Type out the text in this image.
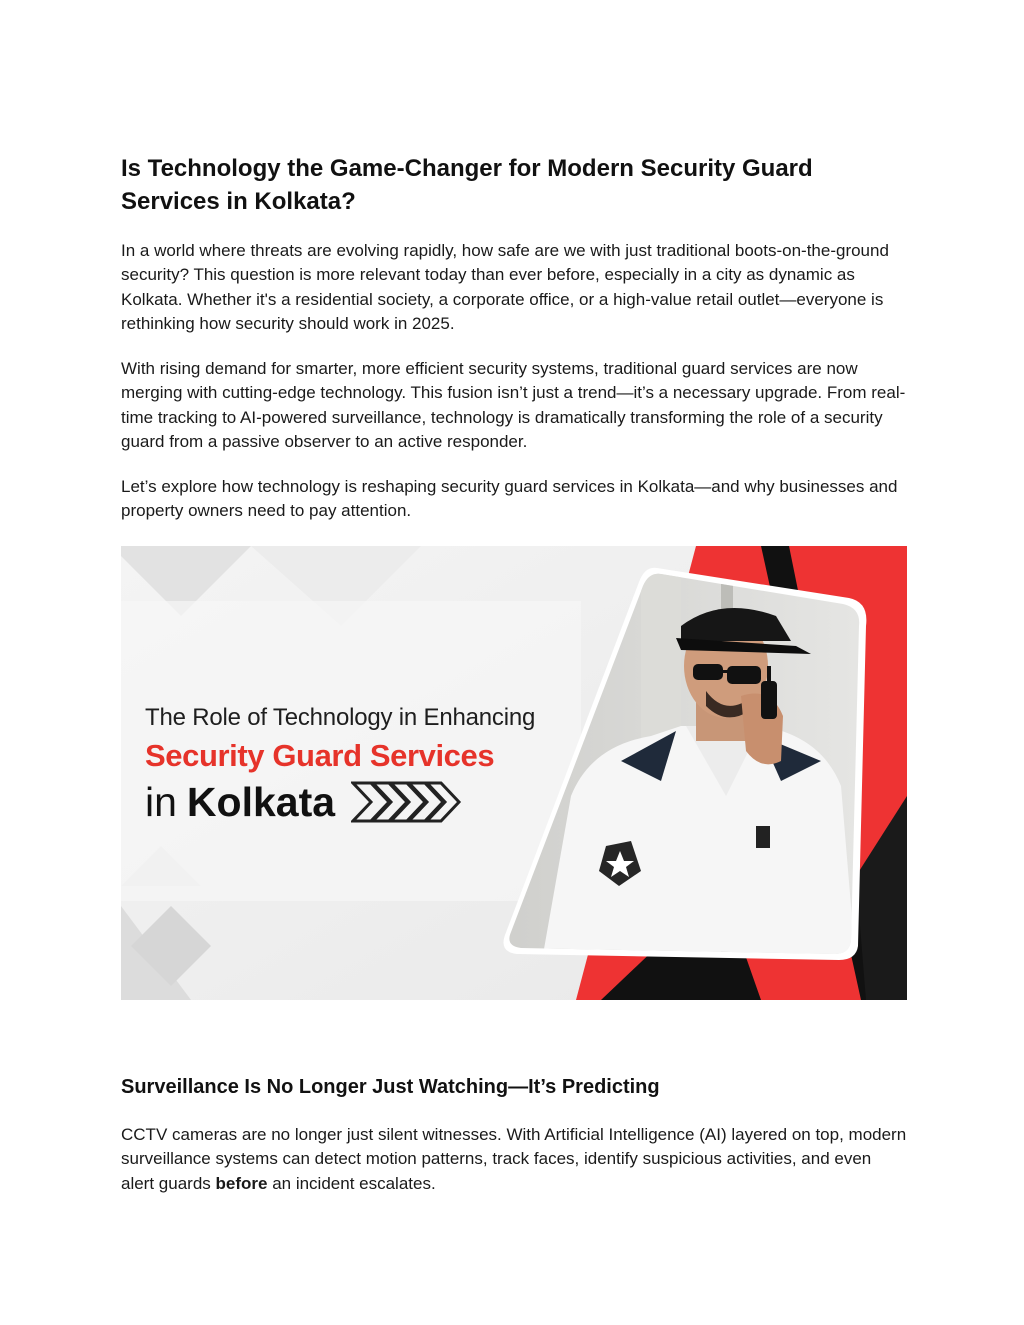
Is Technology the Game-Changer for Modern Security Guard Services in Kolkata?

In a world where threats are evolving rapidly, how safe are we with just traditional boots-on-the-ground security? This question is more relevant today than ever before, especially in a city as dynamic as Kolkata. Whether it's a residential society, a corporate office, or a high-value retail outlet—everyone is rethinking how security should work in 2025.

With rising demand for smarter, more efficient security systems, traditional guard services are now merging with cutting-edge technology. This fusion isn’t just a trend—it’s a necessary upgrade. From real-time tracking to AI-powered surveillance, technology is dramatically transforming the role of a security guard from a passive observer to an active responder.

Let’s explore how technology is reshaping security guard services in Kolkata—and why businesses and property owners need to pay attention.

The Role of Technology in Enhancing
Security Guard Services
in Kolkata
Surveillance Is No Longer Just Watching—It’s Predicting

CCTV cameras are no longer just silent witnesses. With Artificial Intelligence (AI) layered on top, modern surveillance systems can detect motion patterns, track faces, identify suspicious activities, and even alert guards before an incident escalates.
